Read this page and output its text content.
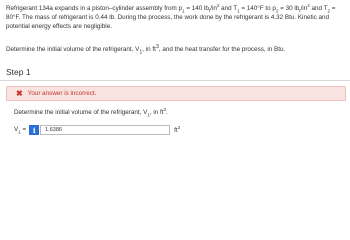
Refrigerant 134a expands in a piston–cylinder assembly from $p_1 = 140$ $lb_f/in^2$ and $T_1 = 140^\circ F$ to $p_2 = 30$ $lb_f/in^2$ and $T_2 = 80^\circ F$. The mass of refrigerant is 0.44 lb. During the process, the work done by the refrigerant is 4.32 Btu. Kinetic and potential energy effects are negligible.
Determine the initial volume of the refrigerant, $V_1$, in $ft^3$, and the heat transfer for the process, in Btu.
Step 1
✖ Your answer is incorrect.
Determine the initial volume of the refrigerant, $V_1$, in $ft^3$.
$V_1 = i$	1.6386	$ft^3$
